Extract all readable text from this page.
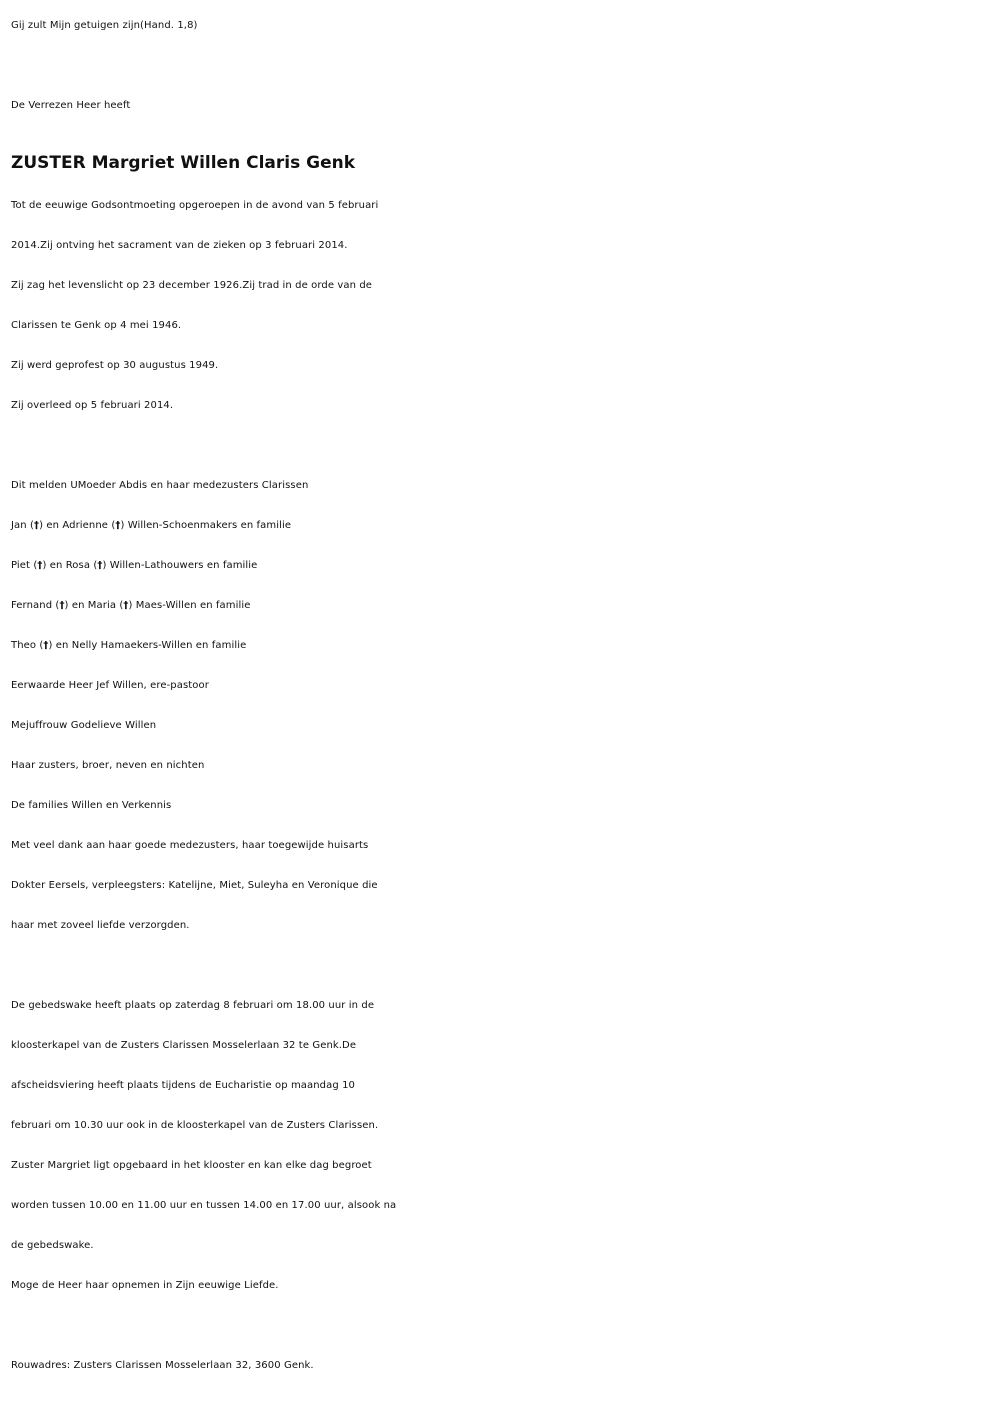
Gij zult Mijn getuigen zijn(Hand. 1,8)
De Verrezen Heer heeft
ZUSTER Margriet Willen Claris Genk
Tot de eeuwige Godsontmoeting opgeroepen in de avond van 5 februari
2014.Zij ontving het sacrament van de zieken op 3 februari 2014.
Zij zag het levenslicht op 23 december 1926.Zij trad in de orde van de
Clarissen te Genk op 4 mei 1946.
Zij werd geprofest op 30 augustus 1949.
Zij overleed op 5 februari 2014.
Dit melden UMoeder Abdis en haar medezusters Clarissen
Jan (†) en Adrienne (†) Willen-Schoenmakers en familie
Piet (†) en Rosa (†) Willen-Lathouwers en familie
Fernand (†) en Maria (†) Maes-Willen en familie
Theo (†) en Nelly Hamaekers-Willen en familie
Eerwaarde Heer Jef Willen, ere-pastoor
Mejuffrouw Godelieve Willen
Haar zusters, broer, neven en nichten
De families Willen en Verkennis
Met veel dank aan haar goede medezusters, haar toegewijde huisarts
Dokter Eersels, verpleegsters: Katelijne, Miet, Suleyha en Veronique die
haar met zoveel liefde verzorgden.
De gebedswake heeft plaats op zaterdag 8 februari om 18.00 uur in de
kloosterkapel van de Zusters Clarissen Mosselerlaan 32 te Genk.De
afscheidsviering heeft plaats tijdens de Eucharistie op maandag 10
februari om 10.30 uur ook in de kloosterkapel van de Zusters Clarissen.
Zuster Margriet ligt opgebaard in het klooster en kan elke dag begroet
worden tussen 10.00 en 11.00 uur en tussen 14.00 en 17.00 uur, alsook na
de gebedswake.
Moge de Heer haar opnemen in Zijn eeuwige Liefde.
Rouwadres: Zusters Clarissen Mosselerlaan 32, 3600 Genk.
